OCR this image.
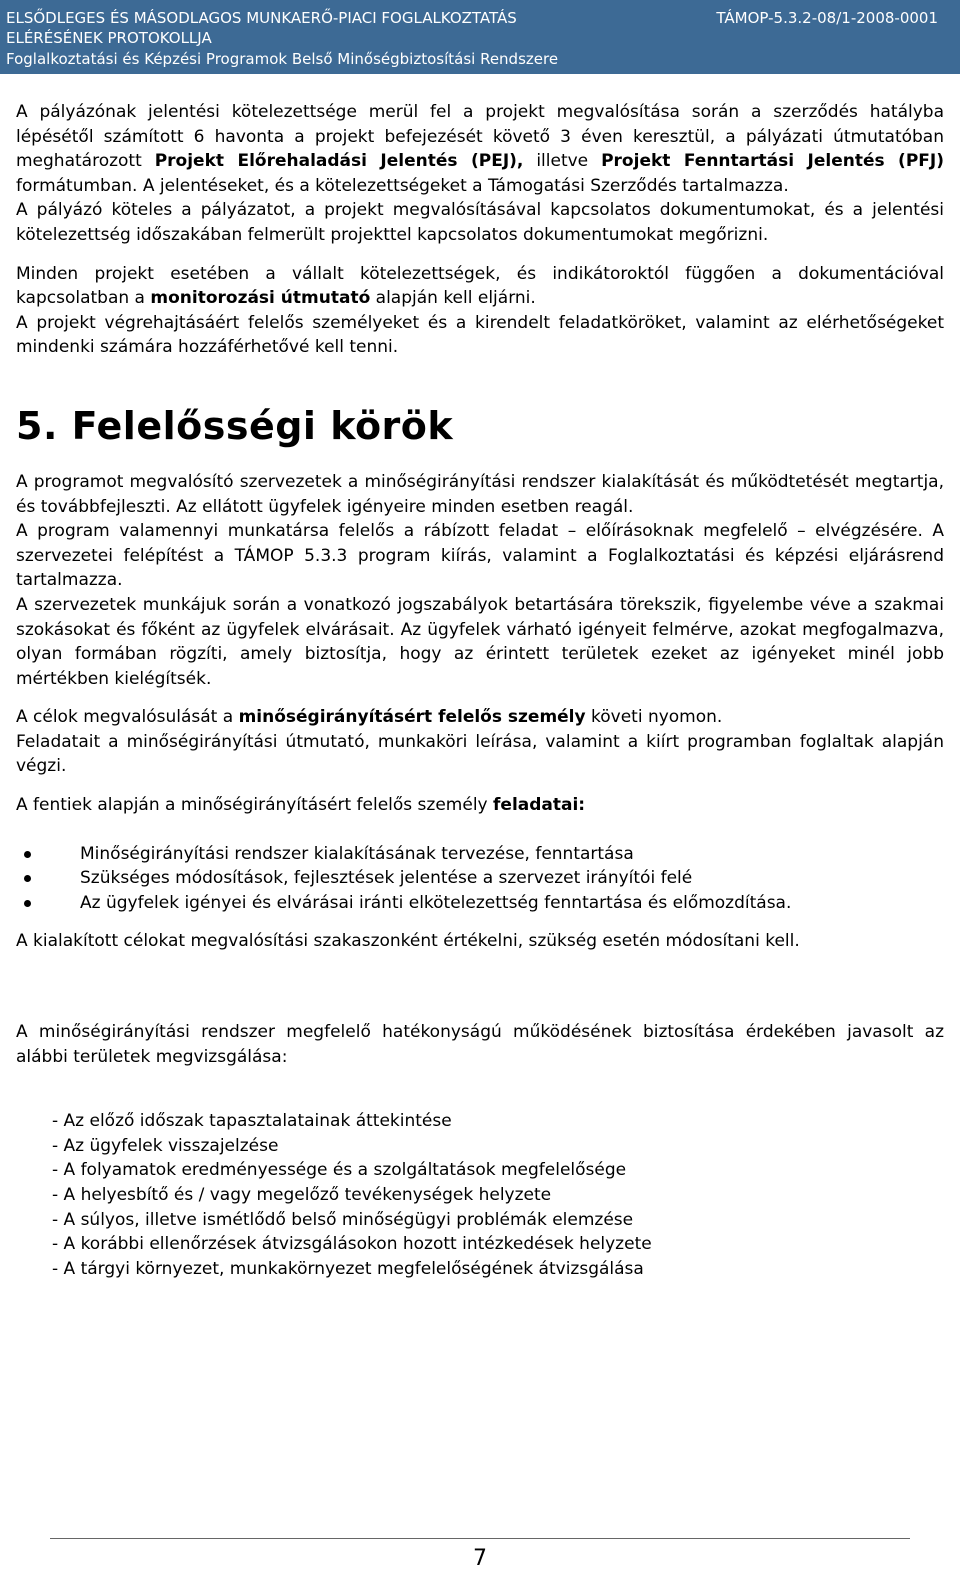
ELSŐDLEGES ÉS MÁSODLAGOS MUNKAERŐ-PIACI FOGLALKOZTATÁS	TÁMOP-5.3.2-08/1-2008-0001
ELÉRÉSÉNEK PROTOKOLLJA
Foglalkoztatási és Képzési Programok Belső Minőségbiztosítási Rendszere

A pályázónak jelentési kötelezettsége merül fel a projekt megvalósítása során a szerződés hatályba lépésétől számított 6 havonta a projekt befejezését követő 3 éven keresztül, a pályázati útmutatóban meghatározott Projekt Előrehaladási Jelentés (PEJ), illetve Projekt Fenntartási Jelentés (PFJ) formátumban. A jelentéseket, és a kötelezettségeket a Támogatási Szerződés tartalmazza.

A pályázó köteles a pályázatot, a projekt megvalósításával kapcsolatos dokumentumokat, és a jelentési kötelezettség időszakában felmerült projekttel kapcsolatos dokumentumokat megőrizni.

Minden projekt esetében a vállalt kötelezettségek, és indikátoroktól függően a dokumentációval kapcsolatban a monitorozási útmutató alapján kell eljárni.

A projekt végrehajtásáért felelős személyeket és a kirendelt feladatköröket, valamint az elérhetőségeket mindenki számára hozzáférhetővé kell tenni.

5. Felelősségi körök

A programot megvalósító szervezetek a minőségirányítási rendszer kialakítását és működtetését megtartja, és továbbfejleszti. Az ellátott ügyfelek igényeire minden esetben reagál.

A program valamennyi munkatársa felelős a rábízott feladat – előírásoknak megfelelő – elvégzésére. A szervezetei felépítést a TÁMOP 5.3.3 program kiírás, valamint a Foglalkoztatási és képzési eljárásrend tartalmazza.

A szervezetek munkájuk során a vonatkozó jogszabályok betartására törekszik, figyelembe véve a szakmai szokásokat és főként az ügyfelek elvárásait. Az ügyfelek várható igényeit felmérve, azokat megfogalmazva, olyan formában rögzíti, amely biztosítja, hogy az érintett területek ezeket az igényeket minél jobb mértékben kielégítsék.

A célok megvalósulását a minőségirányításért felelős személy követi nyomon.

Feladatait a minőségirányítási útmutató, munkaköri leírása, valamint a kiírt programban foglaltak alapján végzi.

A fentiek alapján a minőségirányításért felelős személy feladatai:

Minőségirányítási rendszer kialakításának tervezése, fenntartása
Szükséges módosítások, fejlesztések jelentése a szervezet irányítói felé
Az ügyfelek igényei és elvárásai iránti elkötelezettség fenntartása és előmozdítása.

A kialakított célokat megvalósítási szakaszonként értékelni, szükség esetén módosítani kell.

A minőségirányítási rendszer megfelelő hatékonyságú működésének biztosítása érdekében javasolt az alábbi területek megvizsgálása:

- Az előző időszak tapasztalatainak áttekintése
- Az ügyfelek visszajelzése
- A folyamatok eredményessége és a szolgáltatások megfelelősége
- A helyesbítő és / vagy megelőző tevékenységek helyzete
- A súlyos, illetve ismétlődő belső minőségügyi problémák elemzése
- A korábbi ellenőrzések átvizsgálásokon hozott intézkedések helyzete
- A tárgyi környezet, munkakörnyezet megfelelőségének átvizsgálása
7
